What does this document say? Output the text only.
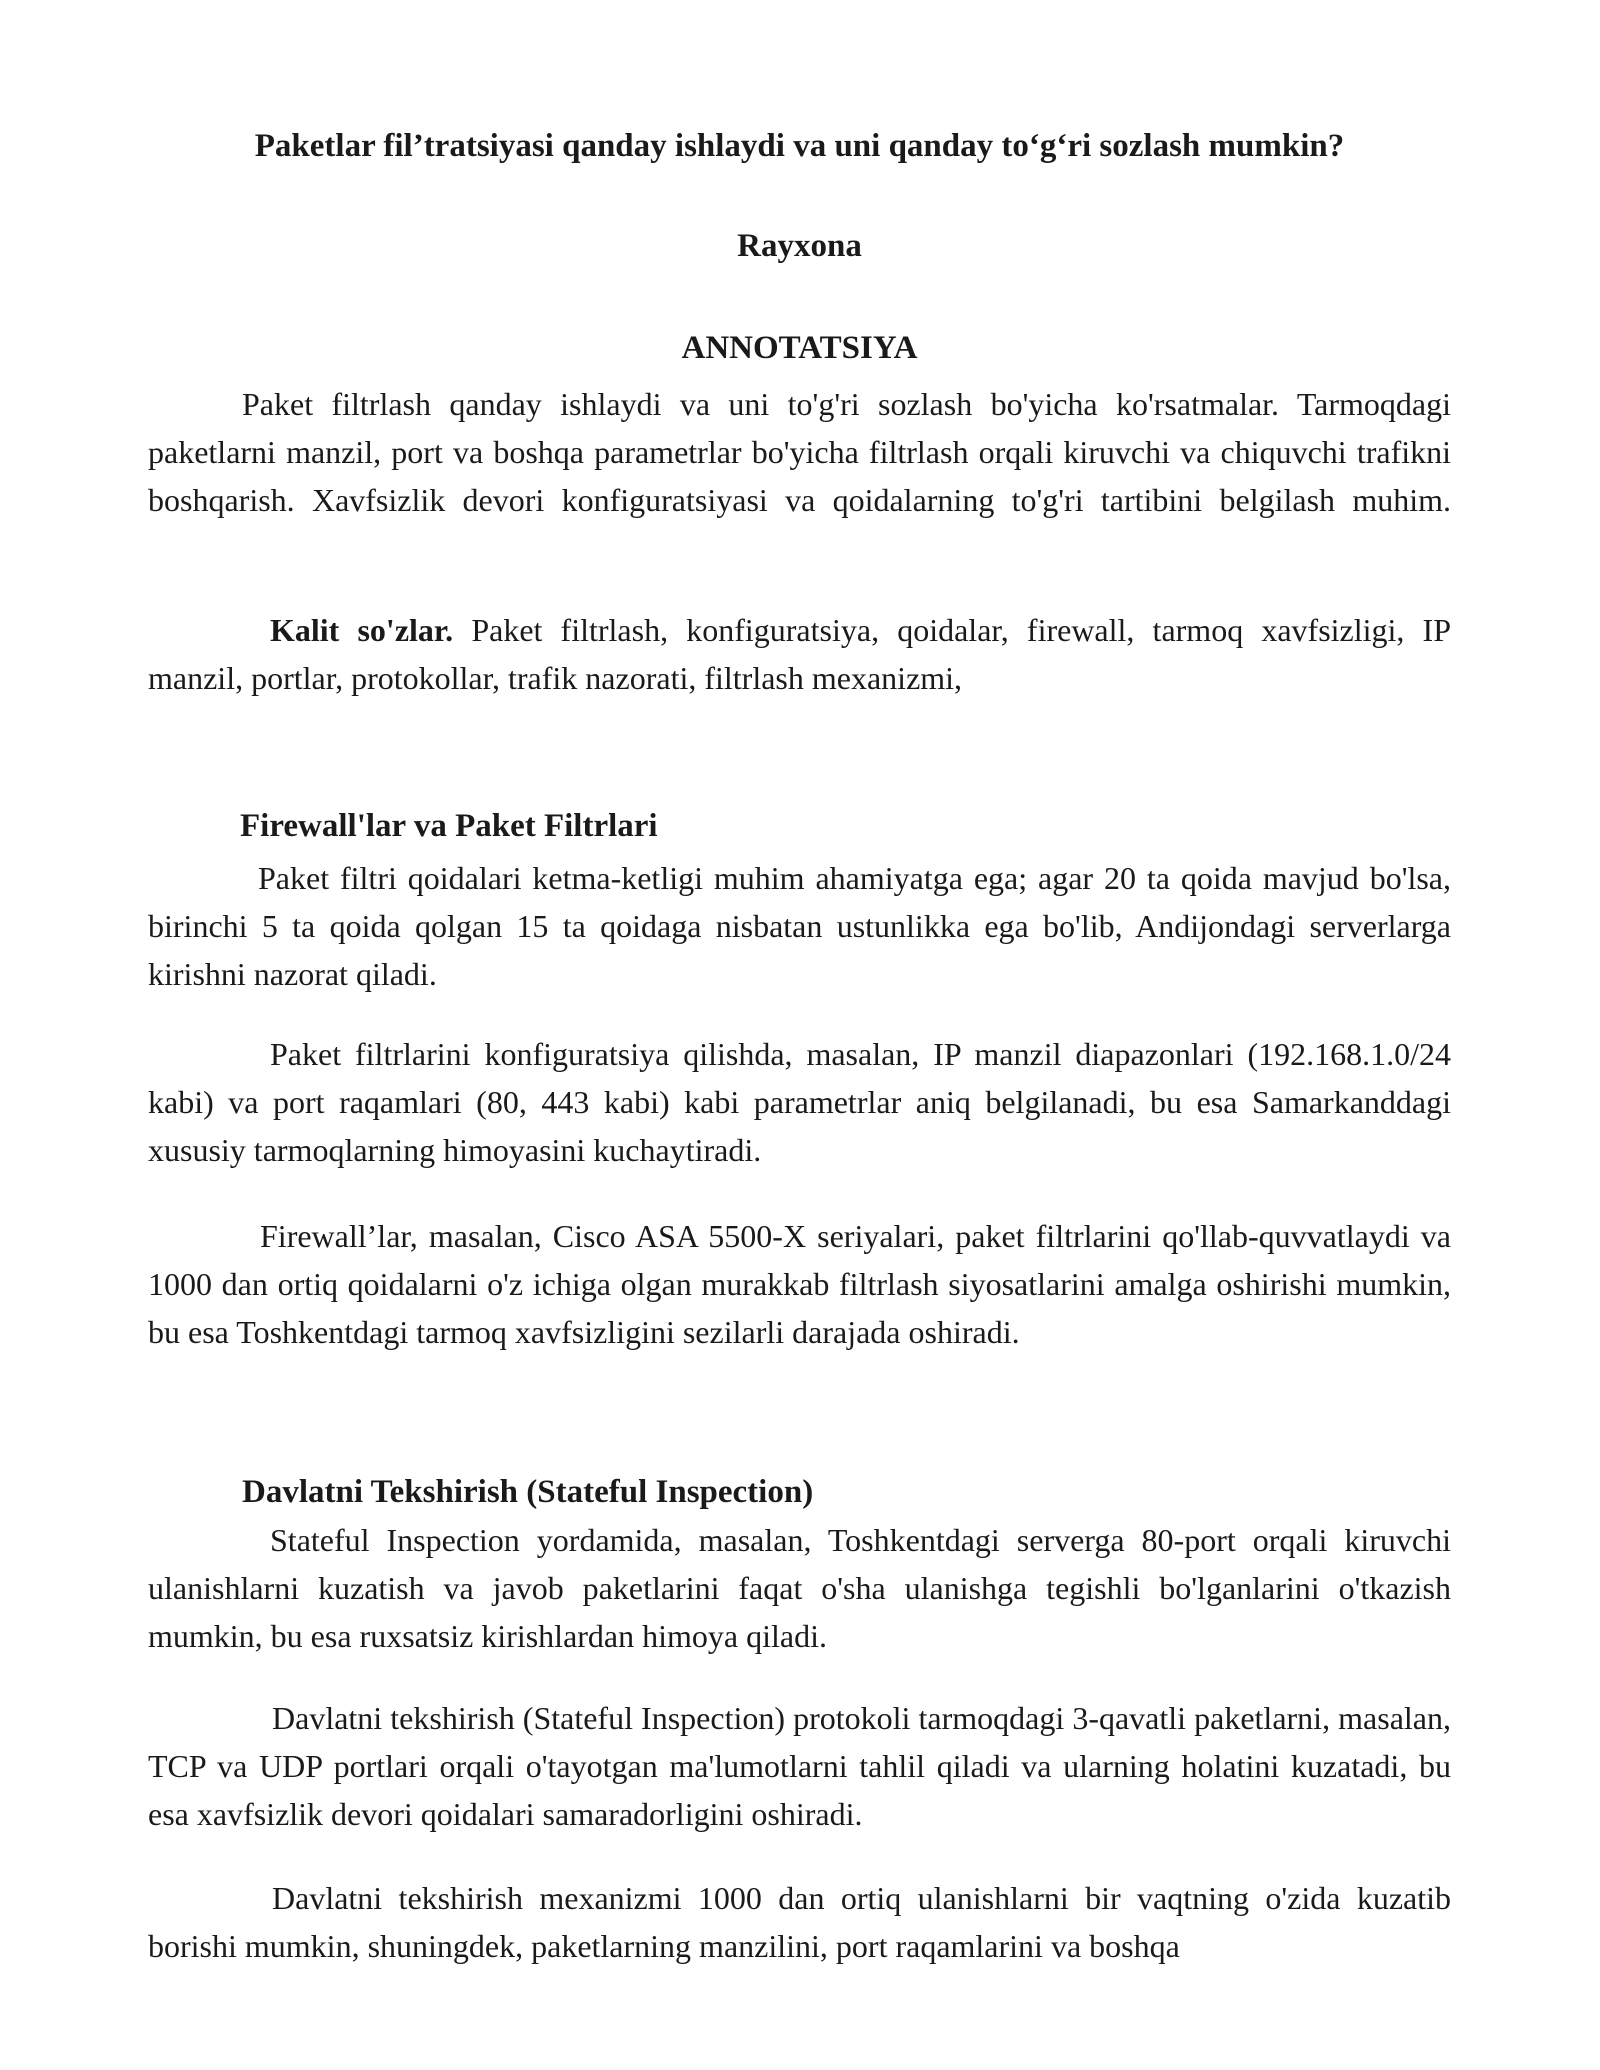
Paketlar fil’tratsiyasi qanday ishlaydi va uni qanday to‘g‘ri sozlash mumkin?
Rayxona
ANNOTATSIYA

Paket filtrlash qanday ishlaydi va uni to'g'ri sozlash bo'yicha ko'rsatmalar. Tarmoqdagi paketlarni manzil, port va boshqa parametrlar bo'yicha filtrlash orqali kiruvchi va chiquvchi trafikni boshqarish. Xavfsizlik devori konfiguratsiyasi va qoidalarning to'g'ri tartibini belgilash muhim.

Kalit so'zlar. Paket filtrlash, konfiguratsiya, qoidalar, firewall, tarmoq xavfsizligi, IP manzil, portlar, protokollar, trafik nazorati, filtrlash mexanizmi,

Firewall'lar va Paket Filtrlari

Paket filtri qoidalari ketma-ketligi muhim ahamiyatga ega; agar 20 ta qoida mavjud bo'lsa, birinchi 5 ta qoida qolgan 15 ta qoidaga nisbatan ustunlikka ega bo'lib, Andijondagi serverlarga kirishni nazorat qiladi.

Paket filtrlarini konfiguratsiya qilishda, masalan, IP manzil diapazonlari (192.168.1.0/24 kabi) va port raqamlari (80, 443 kabi) kabi parametrlar aniq belgilanadi, bu esa Samarkanddagi xususiy tarmoqlarning himoyasini kuchaytiradi.

Firewall’lar, masalan, Cisco ASA 5500-X seriyalari, paket filtrlarini qo'llab-quvvatlaydi va 1000 dan ortiq qoidalarni o'z ichiga olgan murakkab filtrlash siyosatlarini amalga oshirishi mumkin, bu esa Toshkentdagi tarmoq xavfsizligini sezilarli darajada oshiradi.

Davlatni Tekshirish (Stateful Inspection)

Stateful Inspection yordamida, masalan, Toshkentdagi serverga 80-port orqali kiruvchi ulanishlarni kuzatish va javob paketlarini faqat o'sha ulanishga tegishli bo'lganlarini o'tkazish mumkin, bu esa ruxsatsiz kirishlardan himoya qiladi.

Davlatni tekshirish (Stateful Inspection) protokoli tarmoqdagi 3-qavatli paketlarni, masalan, TCP va UDP portlari orqali o'tayotgan ma'lumotlarni tahlil qiladi va ularning holatini kuzatadi, bu esa xavfsizlik devori qoidalari samaradorligini oshiradi.

Davlatni tekshirish mexanizmi 1000 dan ortiq ulanishlarni bir vaqtning o'zida kuzatib borishi mumkin, shuningdek, paketlarning manzilini, port raqamlarini va boshqa
